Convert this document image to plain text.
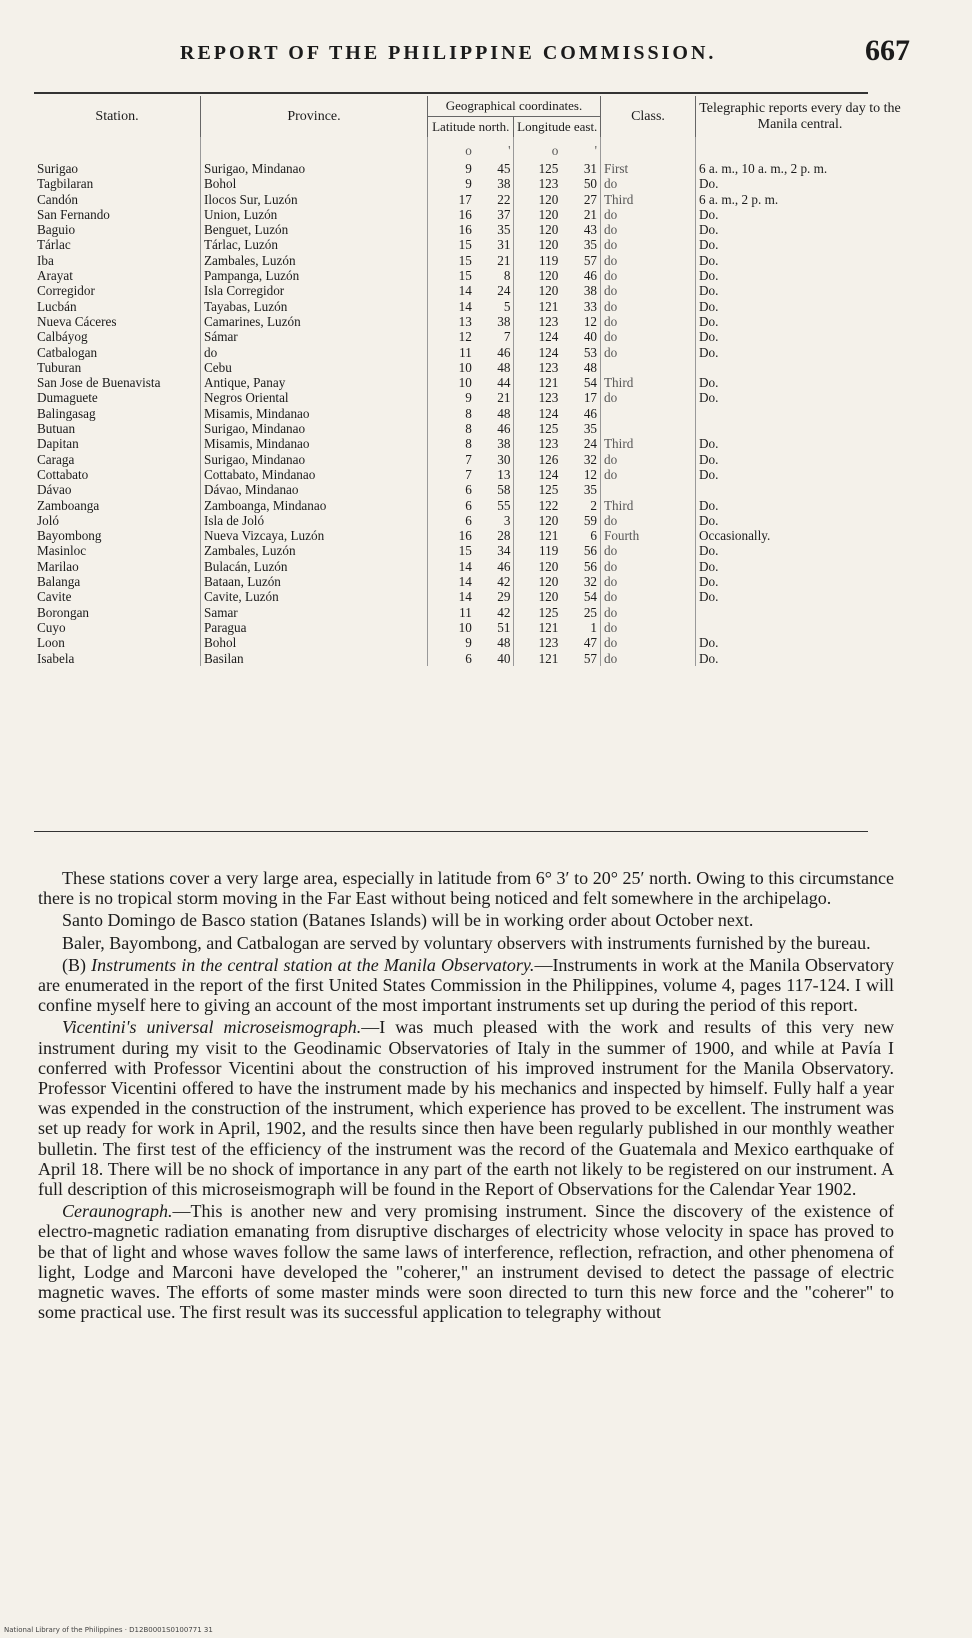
REPORT OF THE PHILIPPINE COMMISSION.	667
Station.	Province.	Geographical coordinates.				Class.	Telegraphic reports every day to the Manila central.
		Latitude north.		Longitude east.			
		o	'	o	'		
Surigao	Surigao, Mindanao	9	45	125	31	First	6 a. m., 10 a. m., 2 p. m.
Tagbilaran	Bohol	9	38	123	50	do	Do.
Candón	Ilocos Sur, Luzón	17	22	120	27	Third	6 a. m., 2 p. m.
San Fernando	Union, Luzón	16	37	120	21	do	Do.
Baguio	Benguet, Luzón	16	35	120	43	do	Do.
Tárlac	Tárlac, Luzón	15	31	120	35	do	Do.
Iba	Zambales, Luzón	15	21	119	57	do	Do.
Arayat	Pampanga, Luzón	15	8	120	46	do	Do.
Corregidor	Isla Corregidor	14	24	120	38	do	Do.
Lucbán	Tayabas, Luzón	14	5	121	33	do	Do.
Nueva Cáceres	Camarines, Luzón	13	38	123	12	do	Do.
Calbáyog	Sámar	12	7	124	40	do	Do.
Catbalogan	do	11	46	124	53	do	Do.
Tuburan	Cebu	10	48	123	48		
San Jose de Buenavista	Antique, Panay	10	44	121	54	Third	Do.
Dumaguete	Negros Oriental	9	21	123	17	do	Do.
Balingasag	Misamis, Mindanao	8	48	124	46		
Butuan	Surigao, Mindanao	8	46	125	35		
Dapitan	Misamis, Mindanao	8	38	123	24	Third	Do.
Caraga	Surigao, Mindanao	7	30	126	32	do	Do.
Cottabato	Cottabato, Mindanao	7	13	124	12	do	Do.
Dávao	Dávao, Mindanao	6	58	125	35		
Zamboanga	Zamboanga, Mindanao	6	55	122	2	Third	Do.
Joló	Isla de Joló	6	3	120	59	do	Do.
Bayombong	Nueva Vizcaya, Luzón	16	28	121	6	Fourth	Occasionally.
Masinloc	Zambales, Luzón	15	34	119	56	do	Do.
Marilao	Bulacán, Luzón	14	46	120	56	do	Do.
Balanga	Bataan, Luzón	14	42	120	32	do	Do.
Cavite	Cavite, Luzón	14	29	120	54	do	Do.
Borongan	Samar	11	42	125	25	do	
Cuyo	Paragua	10	51	121	1	do	
Loon	Bohol	9	48	123	47	do	Do.
Isabela	Basilan	6	40	121	57	do	Do.

These stations cover a very large area, especially in latitude from 6° 3′ to 20° 25′ north. Owing to this circumstance there is no tropical storm moving in the Far East without being noticed and felt somewhere in the archipelago.

Santo Domingo de Basco station (Batanes Islands) will be in working order about October next.

Baler, Bayombong, and Catbalogan are served by voluntary observers with instruments furnished by the bureau.

(B) Instruments in the central station at the Manila Observatory.—Instruments in work at the Manila Observatory are enumerated in the report of the first United States Commission in the Philippines, volume 4, pages 117-124. I will confine myself here to giving an account of the most important instruments set up during the period of this report.

Vicentini's universal microseismograph.—I was much pleased with the work and results of this very new instrument during my visit to the Geodinamic Observatories of Italy in the summer of 1900, and while at Pavía I conferred with Professor Vicentini about the construction of his improved instrument for the Manila Observatory. Professor Vicentini offered to have the instrument made by his mechanics and inspected by himself. Fully half a year was expended in the construction of the instrument, which experience has proved to be excellent. The instrument was set up ready for work in April, 1902, and the results since then have been regularly published in our monthly weather bulletin. The first test of the efficiency of the instrument was the record of the Guatemala and Mexico earthquake of April 18. There will be no shock of importance in any part of the earth not likely to be registered on our instrument. A full description of this microseismograph will be found in the Report of Observations for the Calendar Year 1902.

Ceraunograph.—This is another new and very promising instrument. Since the discovery of the existence of electro-magnetic radiation emanating from disruptive discharges of electricity whose velocity in space has proved to be that of light and whose waves follow the same laws of interference, reflection, refraction, and other phenomena of light, Lodge and Marconi have developed the "coherer," an instrument devised to detect the passage of electric magnetic waves. The efforts of some master minds were soon directed to turn this new force and the "coherer" to some practical use. The first result was its successful application to telegraphy without

National Library of the Philippines · D12B0001S0100771 31
